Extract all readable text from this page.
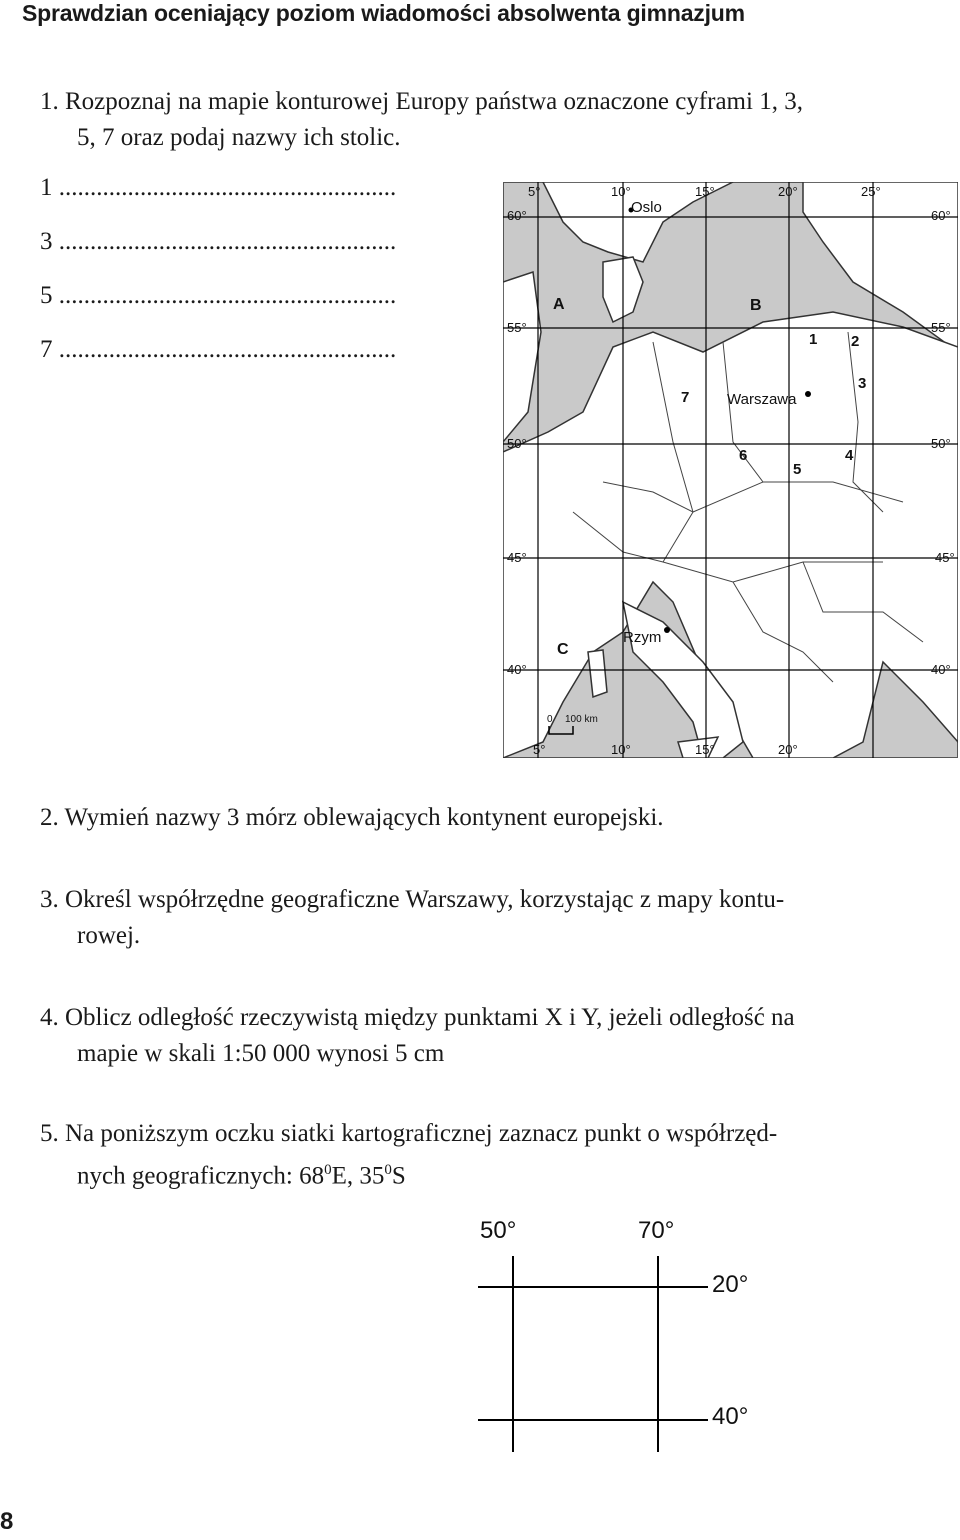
Sprawdzian oceniający poziom wiadomości absolwenta gimnazjum

1. Rozpoznaj na mapie konturowej Europy państwa oznaczone cyframi 1, 3,
5, 7 oraz podaj nazwy ich stolic.

1 ......................................................
3 ......................................................
5 ......................................................
7 ......................................................
5°	10°	15°	20°	25°
5°	10°	15°	20°
60°
55°
50°
45°
40°
60°
55°
50°
45°
40°
Oslo
Warszawa
Rzym
A	B
C
1 2
3
4
5
6
7
0 100 km

2. Wymień nazwy 3 mórz oblewających kontynent europejski.

3. Określ współrzędne geograficzne Warszawy, korzystając z mapy kontu-
rowej.

4. Oblicz odległość rzeczywistą między punktami X i Y, jeżeli odległość na
mapie w skali 1:50 000 wynosi 5 cm

5. Na poniższym oczku siatki kartograficznej zaznacz punkt o współrzęd-
nych geograficznych: $68^0E$, $35^0S$

50°	70°
20°
40°
8
